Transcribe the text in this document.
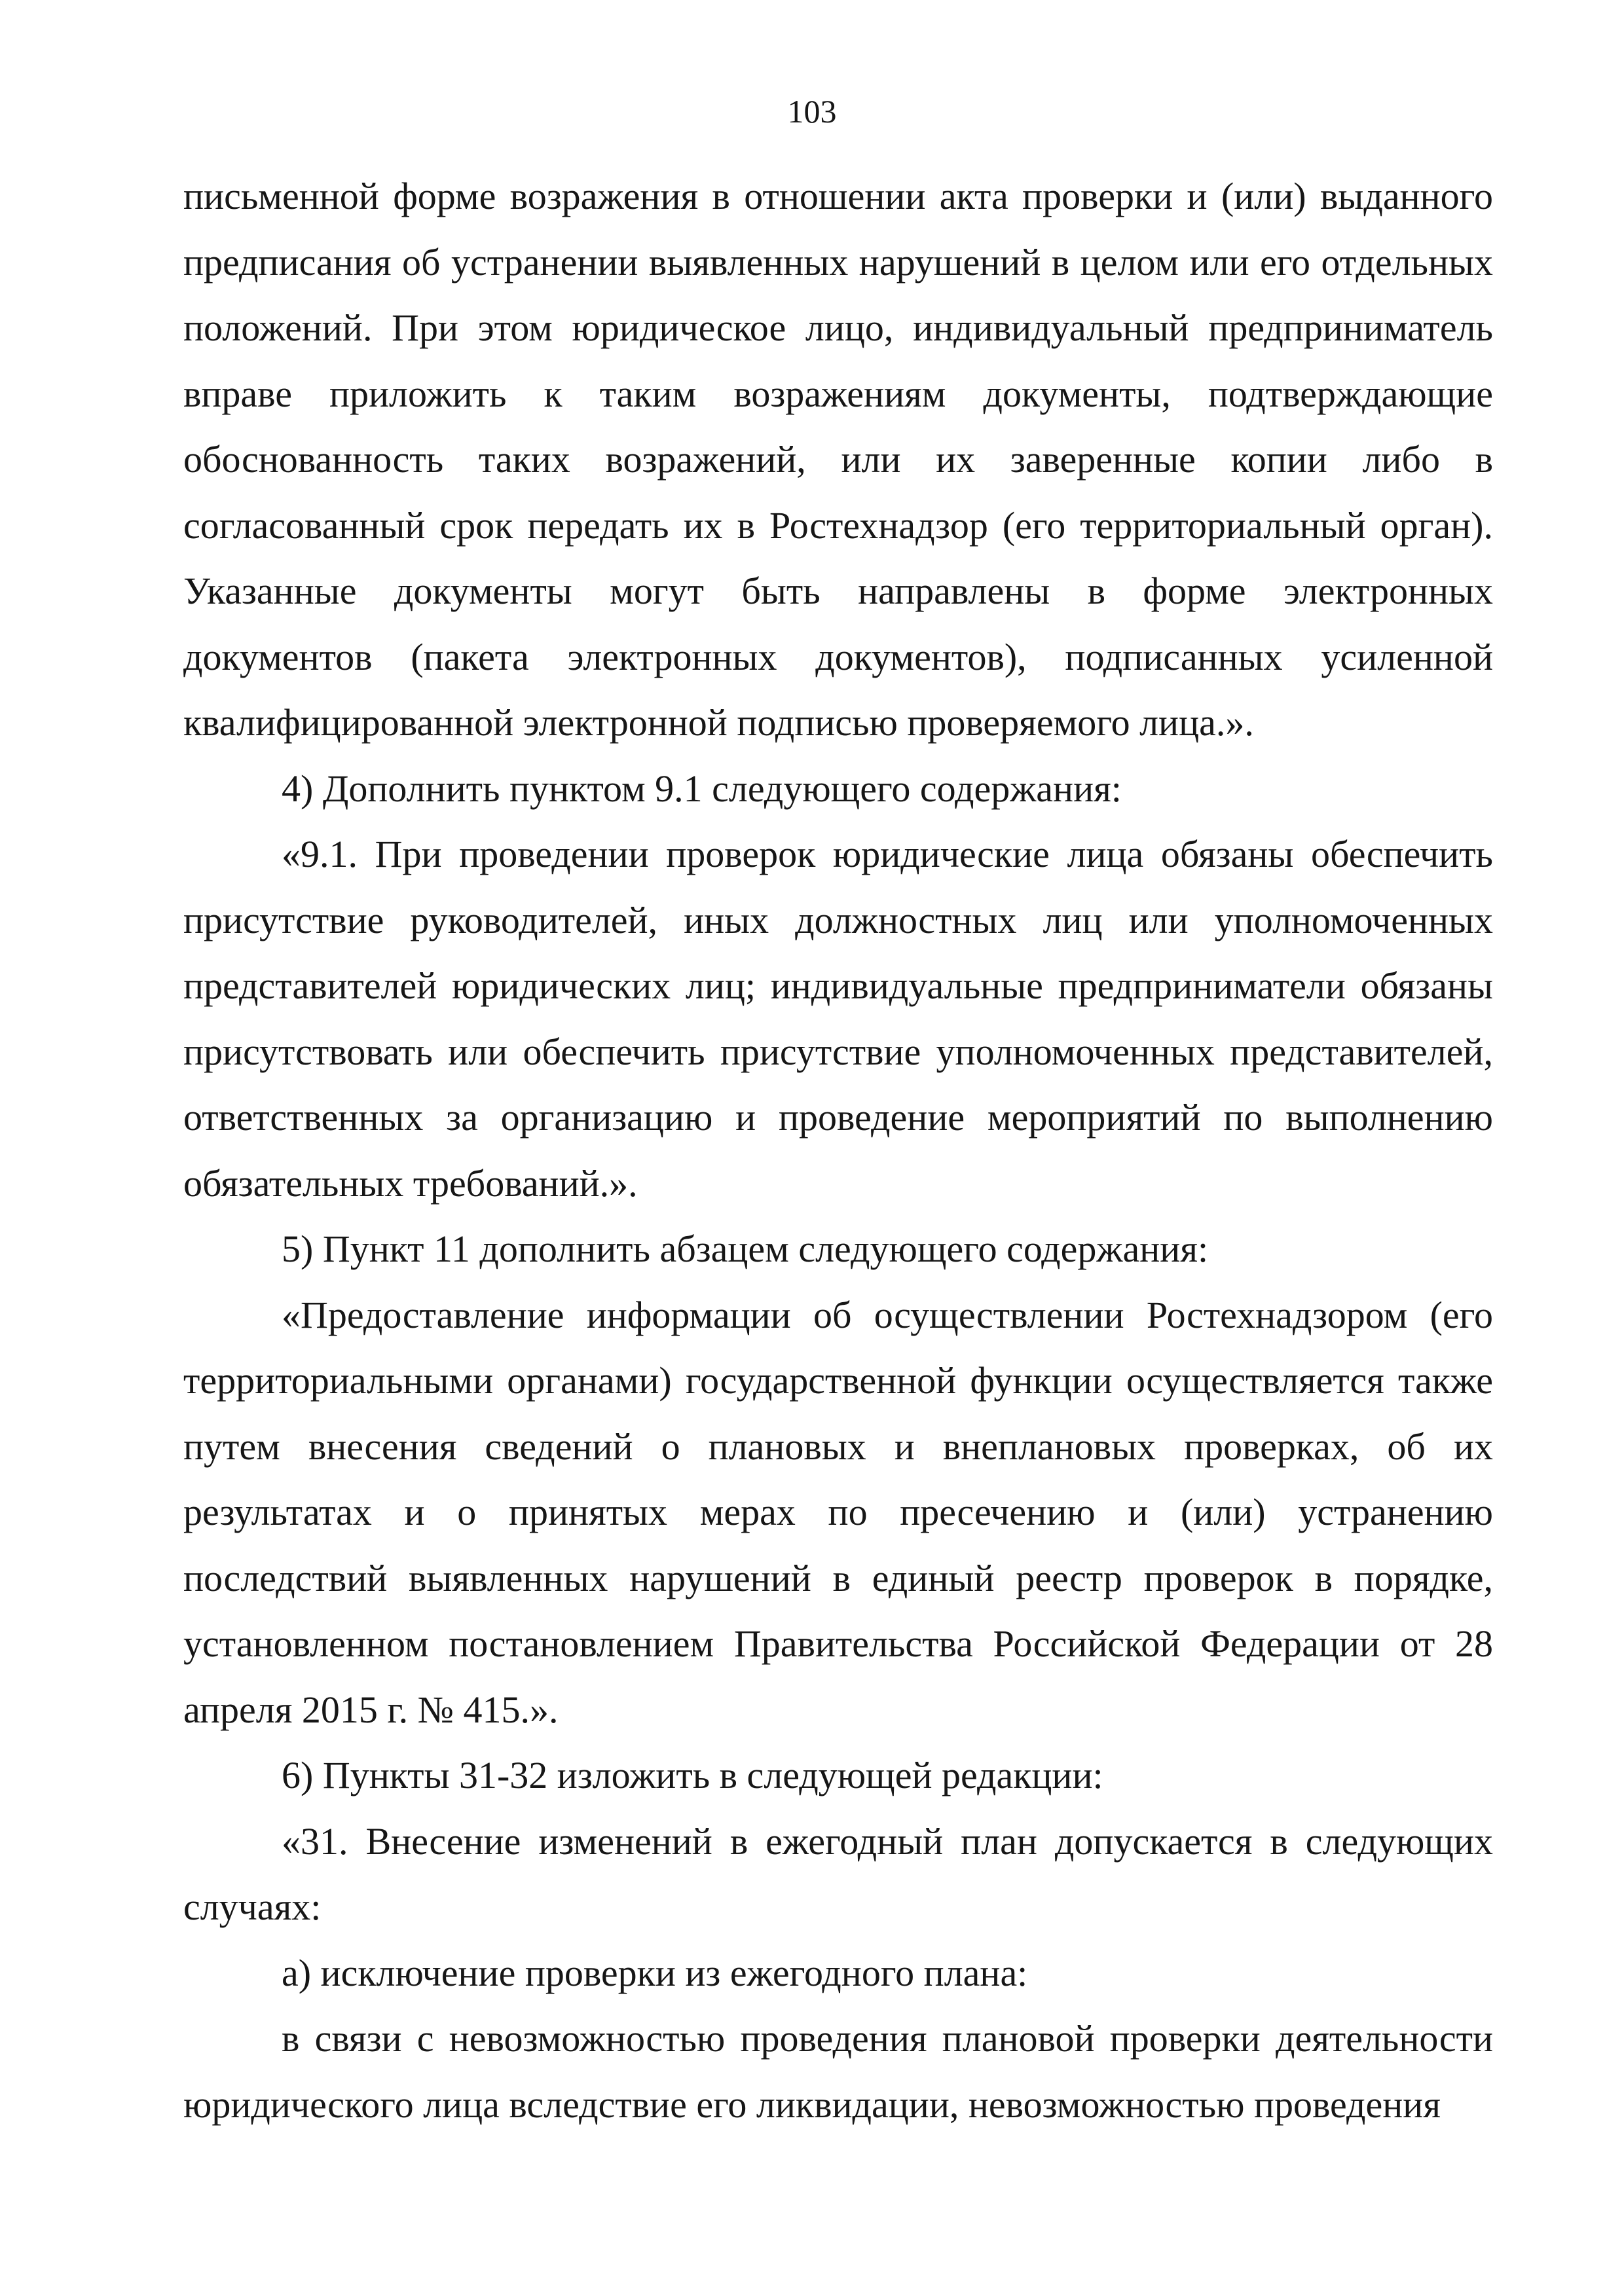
103

письменной форме возражения в отношении акта проверки и (или) выданного предписания об устранении выявленных нарушений в целом или его отдельных положений. При этом юридическое лицо, индивидуальный предприниматель вправе приложить к таким возражениям документы, подтверждающие обоснованность таких возражений, или их заверенные копии либо в согласованный срок передать их в Ростехнадзор (его территориальный орган). Указанные документы могут быть направлены в форме электронных документов (пакета электронных документов), подписанных усиленной квалифицированной электронной подписью проверяемого лица.».

4) Дополнить пунктом 9.1 следующего содержания:

«9.1. При проведении проверок юридические лица обязаны обеспечить присутствие руководителей, иных должностных лиц или уполномоченных представителей юридических лиц; индивидуальные предприниматели обязаны присутствовать или обеспечить присутствие уполномоченных представителей, ответственных за организацию и проведение мероприятий по выполнению обязательных требований.».

5) Пункт 11 дополнить абзацем следующего содержания:

«Предоставление информации об осуществлении Ростехнадзором (его территориальными органами) государственной функции осуществляется также путем внесения сведений о плановых и внеплановых проверках, об их результатах и о принятых мерах по пресечению и (или) устранению последствий выявленных нарушений в единый реестр проверок в порядке, установленном постановлением Правительства Российской Федерации от 28 апреля 2015 г. № 415.».

6) Пункты 31-32 изложить в следующей редакции:

«31. Внесение изменений в ежегодный план допускается в следующих случаях:

а) исключение проверки из ежегодного плана:

в связи с невозможностью проведения плановой проверки деятельности юридического лица вследствие его ликвидации, невозможностью проведения
